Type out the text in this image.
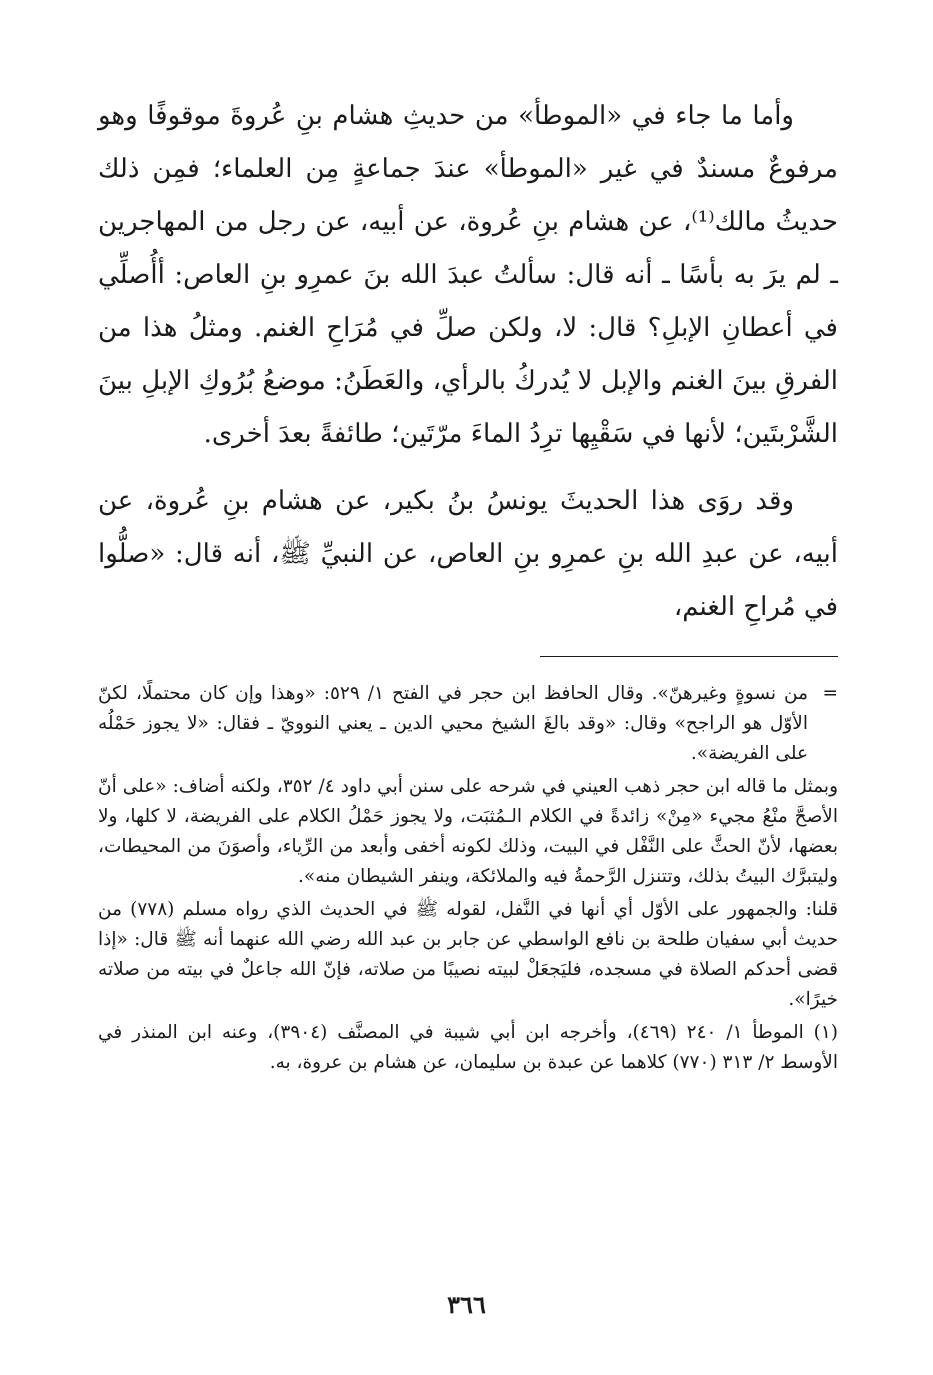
وأما ما جاء في «الموطأ» من حديثِ هشام بنِ عُروةَ موقوفًا وهو مرفوعٌ مسندٌ في غير «الموطأ» عندَ جماعةٍ مِن العلماء؛ فمِن ذلك حديثُ مالك⁽¹⁾، عن هشام بنِ عُروة، عن أبيه، عن رجل من المهاجرين ـ لم يرَ به بأسًا ـ أنه قال: سألتُ عبدَ الله بنَ عمرِو بنِ العاص: أأُصلِّي في أعطانِ الإبلِ؟ قال: لا، ولكن صلِّ في مُرَاحِ الغنم. ومثلُ هذا من الفرقِ بينَ الغنم والإبل لا يُدركُ بالرأي، والعَطَنُ: موضعُ بُرُوكِ الإبلِ بينَ الشَّرْبتَين؛ لأنها في سَقْيِها ترِدُ الماءَ مرّتَين؛ طائفةً بعدَ أخرى.

وقد روَى هذا الحديثَ يونسُ بنُ بكير، عن هشام بنِ عُروة، عن أبيه، عن عبدِ الله بنِ عمرِو بنِ العاص، عن النبيِّ ﷺ، أنه قال: «صلُّوا في مُراحِ الغنم،

=

من نسوةٍ وغيرهنّ». وقال الحافظ ابن حجر في الفتح ١/ ٥٢٩: «وهذا وإن كان محتملًا، لكنّ الأوّل هو الراجح» وقال: «وقد بالغَ الشيخ محيي الدين ـ يعني النوويّ ـ فقال: «لا يجوز حَمْلُه على الفريضة».

وبمثل ما قاله ابن حجر ذهب العيني في شرحه على سنن أبي داود ٤/ ٣٥٢، ولكنه أضاف: «على أنّ الأصحَّ منْعُ مجيء «مِنْ» زائدةً في الكلام الـمُثبَت، ولا يجوز حَمْلُ الكلام على الفريضة، لا كلها، ولا بعضها، لأنّ الحثَّ على النَّفْل في البيت، وذلك لكونه أخفى وأبعد من الرِّياء، وأصوَنَ من المحيطات، وليتبرَّك البيتُ بذلك، وتتنزل الرَّحمةُ فيه والملائكة، وينفر الشيطان منه».

قلنا: والجمهور على الأوّل أي أنها في النَّفل، لقوله ﷺ في الحديث الذي رواه مسلم (٧٧٨) من حديث أبي سفيان طلحة بن نافع الواسطي عن جابر بن عبد الله رضي الله عنهما أنه ﷺ قال: «إذا قضى أحدكم الصلاة في مسجده، فليَجعَلْ لبيته نصيبًا من صلاته، فإنّ الله جاعلٌ في بيته من صلاته خيرًا».

(١) الموطأ ١/ ٢٤٠ (٤٦٩)، وأخرجه ابن أبي شيبة في المصنَّف (٣٩٠٤)، وعنه ابن المنذر في الأوسط ٢/ ٣١٣ (٧٧٠) كلاهما عن عبدة بن سليمان، عن هشام بن عروة، به.

٣٦٦
